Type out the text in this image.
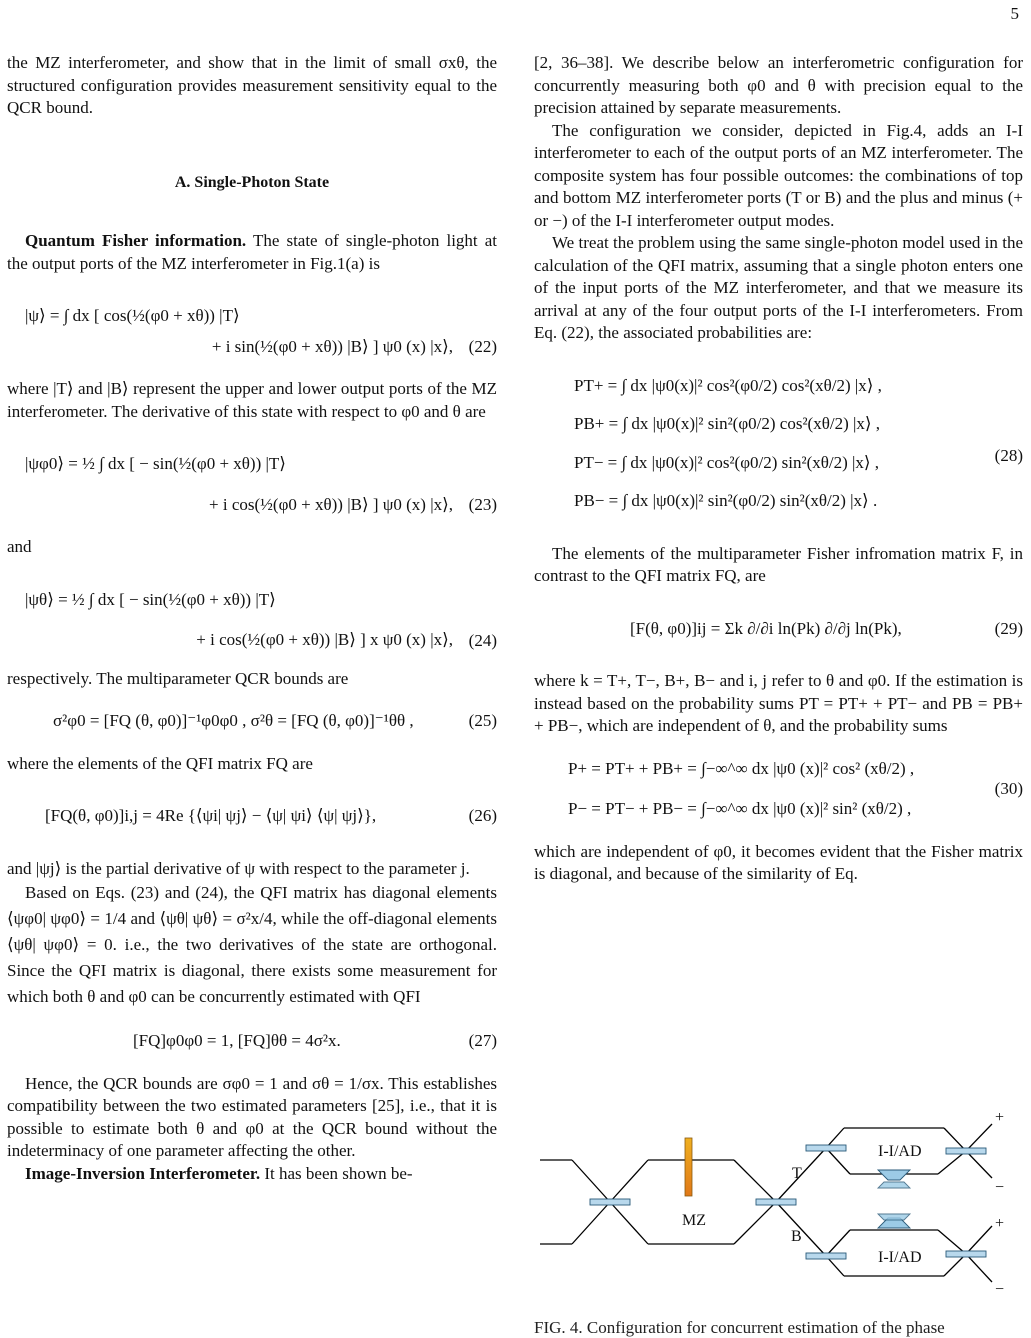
5

the MZ interferometer, and show that in the limit of small σxθ, the structured configuration provides measurement sensitivity equal to the QCR bound.

A. Single-Photon State

Quantum Fisher information. The state of single-photon light at the output ports of the MZ interferometer in Fig.1(a) is

|ψ⟩ = ∫ dx [ cos(½(φ0 + xθ)) |T⟩
+ i sin(½(φ0 + xθ)) |B⟩ ] ψ0 (x) |x⟩, (22)

where |T⟩ and |B⟩ represent the upper and lower output ports of the MZ interferometer. The derivative of this state with respect to φ0 and θ are

|ψφ0⟩ = ½ ∫ dx [ − sin(½(φ0 + xθ)) |T⟩
+ i cos(½(φ0 + xθ)) |B⟩ ] ψ0 (x) |x⟩, (23)

and

|ψθ⟩ = ½ ∫ dx [ − sin(½(φ0 + xθ)) |T⟩
+ i cos(½(φ0 + xθ)) |B⟩ ] x ψ0 (x) |x⟩, (24)

respectively. The multiparameter QCR bounds are

σ²φ0 = [FQ (θ, φ0)]⁻¹φ0φ0 , σ²θ = [FQ (θ, φ0)]⁻¹θθ ,	(25)

where the elements of the QFI matrix FQ are

[FQ(θ, φ0)]i,j = 4Re {⟨ψi| ψj⟩ − ⟨ψ| ψi⟩ ⟨ψ| ψj⟩},	(26)

and |ψj⟩ is the partial derivative of ψ with respect to the parameter j.

Based on Eqs. (23) and (24), the QFI matrix has diagonal elements ⟨ψφ0| ψφ0⟩ = 1/4 and ⟨ψθ| ψθ⟩ = σ²x/4, while the off-diagonal elements ⟨ψθ| ψφ0⟩ = 0. i.e., the two derivatives of the state are orthogonal. Since the QFI matrix is diagonal, there exists some measurement for which both θ and φ0 can be concurrently estimated with QFI

[FQ]φ0φ0 = 1, [FQ]θθ = 4σ²x.	(27)

Hence, the QCR bounds are σφ0 = 1 and σθ = 1/σx. This establishes compatibility between the two estimated parameters [25], i.e., that it is possible to estimate both θ and φ0 at the QCR bound without the indeterminacy of one parameter affecting the other.

Image-Inversion Interferometer. It has been shown be-

[2, 36–38]. We describe below an interferometric configuration for concurrently measuring both φ0 and θ with precision equal to the precision attained by separate measurements.

The configuration we consider, depicted in Fig.4, adds an I-I interferometer to each of the output ports of an MZ interferometer. The composite system has four possible outcomes: the combinations of top and bottom MZ interferometer ports (T or B) and the plus and minus (+ or −) of the I-I interferometer output modes.

We treat the problem using the same single-photon model used in the calculation of the QFI matrix, assuming that a single photon enters one of the input ports of the MZ interferometer, and that we measure its arrival at any of the four output ports of the I-I interferometers. From Eq. (22), the associated probabilities are:

PT+ = ∫ dx |ψ0(x)|² cos²(φ0/2) cos²(xθ/2) |x⟩ ,
PB+ = ∫ dx |ψ0(x)|² sin²(φ0/2) cos²(xθ/2) |x⟩ ,
PT− = ∫ dx |ψ0(x)|² cos²(φ0/2) sin²(xθ/2) |x⟩ ,
PB− = ∫ dx |ψ0(x)|² sin²(φ0/2) sin²(xθ/2) |x⟩ .
(28)

The elements of the multiparameter Fisher infromation matrix F, in contrast to the QFI matrix FQ, are

[F(θ, φ0)]ij = Σk ∂/∂i ln(Pk) ∂/∂j ln(Pk),	(29)

where k = T+, T−, B+, B− and i, j refer to θ and φ0. If the estimation is instead based on the probability sums PT = PT+ + PT− and PB = PB+ + PB−, which are independent of θ, and the probability sums

P+ = PT+ + PB+ = ∫−∞^∞ dx |ψ0 (x)|² cos² (xθ/2) ,
P− = PT− + PB− = ∫−∞^∞ dx |ψ0 (x)|² sin² (xθ/2) ,
(30)

which are independent of φ0, it becomes evident that the Fisher matrix is diagonal, and because of the similarity of Eq.

MZ
T
B
I-I/AD
I-I/AD
+
−
+
−
FIG. 4. Configuration for concurrent estimation of the phase
